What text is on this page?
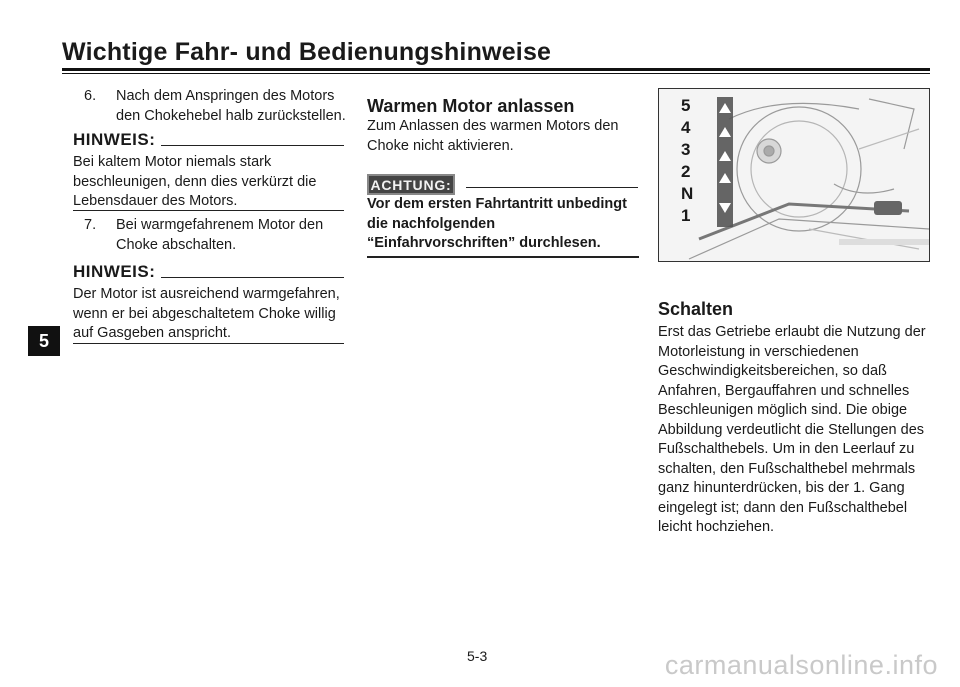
Wichtige Fahr- und Bedienungshinweise
5
6.	Nach dem Anspringen des Motors den Chokehebel halb zurückstellen.
HINWEIS:
Bei kaltem Motor niemals stark beschleunigen, denn dies verkürzt die Lebensdauer des Motors.
7.	Bei warmgefahrenem Motor den Choke abschalten.
HINWEIS:
Der Motor ist ausreichend warmgefahren, wenn er bei abgeschaltetem Choke willig auf Gasgeben anspricht.
Warmen Motor anlassen
Zum Anlassen des warmen Motors den Choke nicht aktivieren.
ACHTUNG:
Vor dem ersten Fahrtantritt unbedingt die nachfolgenden “Einfahrvorschriften” durchlesen.
5
4
3
2
N
1
Schalten
Erst das Getriebe erlaubt die Nutzung der Motorleistung in verschiedenen Geschwindigkeitsbereichen, so daß Anfahren, Bergauffahren und schnelles Beschleunigen möglich sind. Die obige Abbildung verdeutlicht die Stellungen des Fußschalthebels. Um in den Leerlauf zu schalten, den Fußschalthebel mehrmals ganz hinunterdrücken, bis der 1. Gang eingelegt ist; dann den Fußschalthebel leicht hochziehen.
5-3	carmanualsonline.info
